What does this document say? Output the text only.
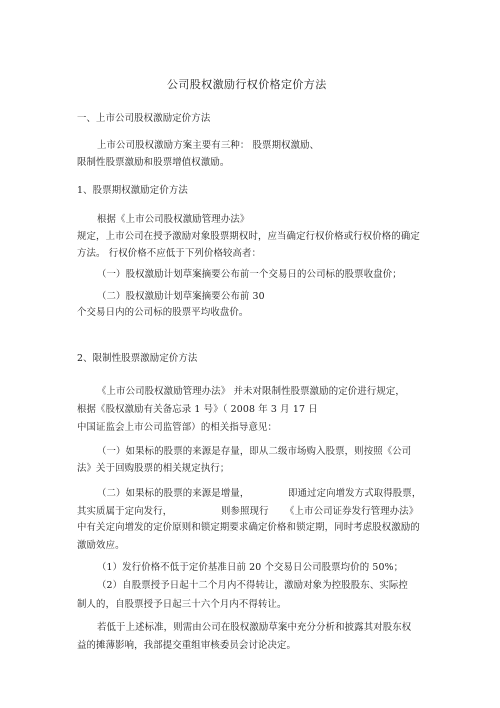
公司股权激励行权价格定价方法
一、上市公司股权激励定价方法
上市公司股权激励方案主要有三种： 股票期权激励、
限制性股票激励和股票增值权激励。
1、股票期权激励定价方法
根据《上市公司股权激励管理办法》
规定，上市公司在授予激励对象股票期权时，应当确定行权价格或行权价格的确定
方法。 行权价格不应低于下列价格较高者：
（一）股权激励计划草案摘要公布前一个交易日的公司标的股票收盘价；
（二）股权激励计划草案摘要公布前 30
个交易日内的公司标的股票平均收盘价。
2、限制性股票激励定价方法
《上市公司股权激励管理办法》 并未对限制性股票激励的定价进行规定，
根据《股权激励有关备忘录 1 号》（ 2008 年 3 月 17 日
中国证监会上市公司监管部）的相关指导意见：
（一）如果标的股票的来源是存量，即从二级市场购入股票，则按照《公司
法》关于回购股票的相关规定执行；
（二）如果标的股票的来源是增量，	即通过定向增发方式取得股票，
其实质属于定向发行，	则参照现行 《上市公司证券发行管理办法》
中有关定向增发的定价原则和锁定期要求确定价格和锁定期，同时考虑股权激励的
激励效应。
（1）发行价格不低于定价基准日前 20 个交易日公司股票均价的 50%；
（2）自股票授予日起十二个月内不得转让，激励对象为控股股东、实际控
制人的，自股票授予日起三十六个月内不得转让。
若低于上述标准，则需由公司在股权激励草案中充分分析和披露其对股东权
益的摊薄影响，我部提交重组审核委员会讨论决定。
